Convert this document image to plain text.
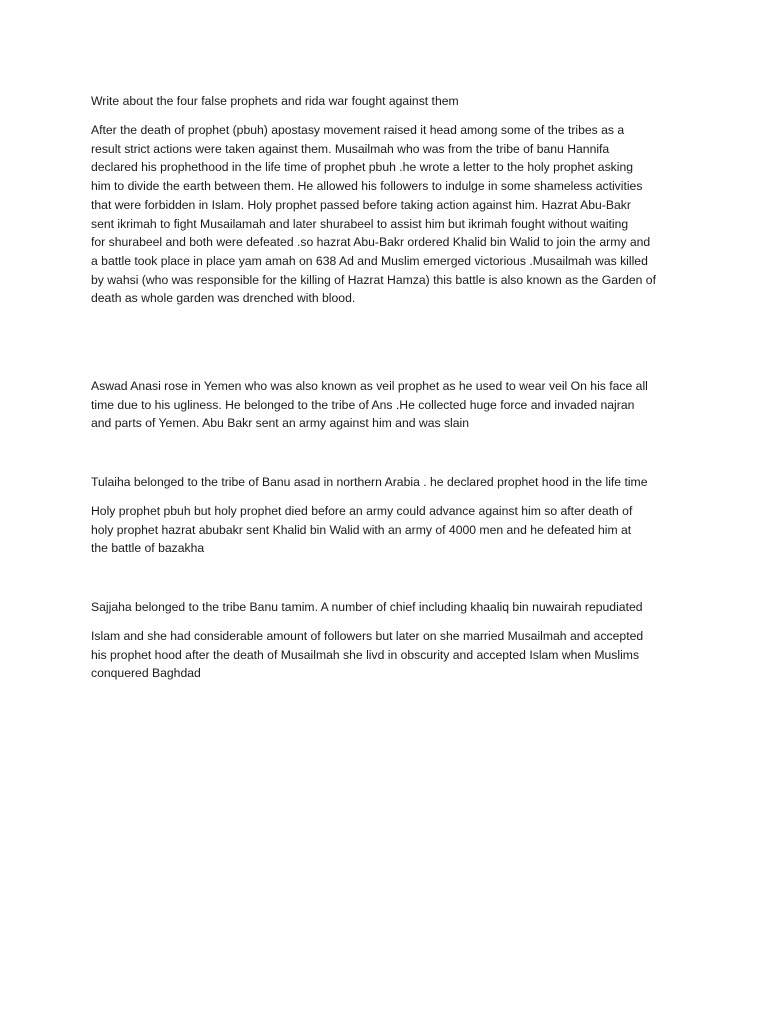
Write about the four false prophets and rida war fought against them
After the death of prophet (pbuh) apostasy movement raised it head among some of the tribes as a
result strict actions were taken against them. Musailmah who was from the tribe of banu Hannifa
declared his prophethood in the life time of prophet pbuh .he wrote a letter to the holy prophet asking
him to divide the earth between them. He allowed his followers to indulge in some shameless activities
that were forbidden in Islam. Holy prophet passed before taking action against him. Hazrat Abu-Bakr
sent ikrimah to fight Musailamah and later shurabeel to assist him but ikrimah fought without waiting
for shurabeel and both were defeated .so hazrat Abu-Bakr ordered Khalid bin Walid to join the army and
a battle took place in place yam amah on 638 Ad and Muslim emerged victorious .Musailmah was killed
by wahsi (who was responsible for the killing of Hazrat Hamza) this battle is also known as the Garden of
death as whole garden was drenched with blood.
Aswad Anasi rose in Yemen who was also known as veil prophet as he used to wear veil On his face all
time due to his ugliness. He belonged to the tribe of Ans .He collected huge force and invaded najran
and parts of Yemen. Abu Bakr sent an army against him and was slain
Tulaiha belonged to the tribe of Banu asad in northern Arabia . he declared prophet hood in the life time
Holy prophet pbuh but holy prophet died before an army could advance against him so after death of
holy prophet hazrat abubakr sent Khalid bin Walid with an army of 4000 men and he defeated him at
the battle of bazakha
Sajjaha belonged to the tribe Banu tamim. A number of chief including khaaliq bin nuwairah repudiated
Islam and she had considerable amount of followers but later on she married Musailmah and accepted
his prophet hood after the death of Musailmah she livd in obscurity and accepted Islam when Muslims
conquered Baghdad
